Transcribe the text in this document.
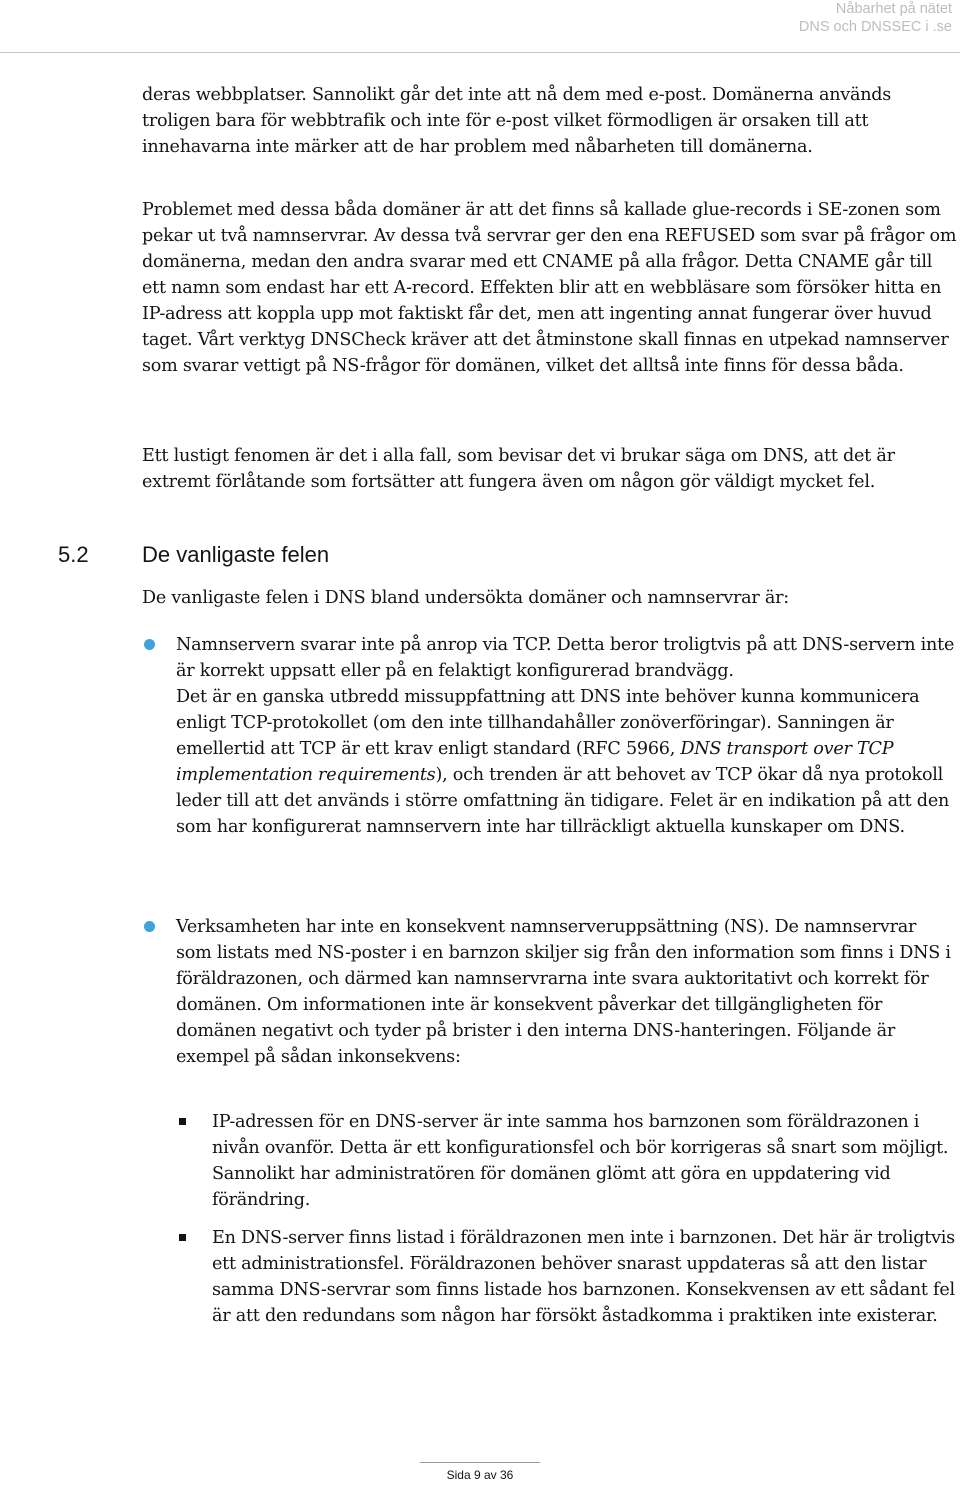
Nåbarhet på nätet
DNS och DNSSEC i .se

deras webbplatser. Sannolikt går det inte att nå dem med e-post. Domänerna används troligen bara för webbtrafik och inte för e-post vilket förmodligen är orsaken till att innehavarna inte märker att de har problem med nåbarheten till domänerna.

Problemet med dessa båda domäner är att det finns så kallade glue-records i SE-zonen som pekar ut två namnservrar. Av dessa två servrar ger den ena REFUSED som svar på frågor om domänerna, medan den andra svarar med ett CNAME på alla frågor. Detta CNAME går till ett namn som endast har ett A-record. Effekten blir att en webbläsare som försöker hitta en IP-adress att koppla upp mot faktiskt får det, men att ingenting annat fungerar över huvud taget. Vårt verktyg DNSCheck kräver att det åtminstone skall finnas en utpekad namnserver som svarar vettigt på NS-frågor för domänen, vilket det alltså inte finns för dessa båda.

Ett lustigt fenomen är det i alla fall, som bevisar det vi brukar säga om DNS, att det är extremt förlåtande som fortsätter att fungera även om någon gör väldigt mycket fel.

5.2 De vanligaste felen

De vanligaste felen i DNS bland undersökta domäner och namnservrar är:

Namnservern svarar inte på anrop via TCP. Detta beror troligtvis på att DNS-servern inte är korrekt uppsatt eller på en felaktigt konfigurerad brandvägg.
Det är en ganska utbredd missuppfattning att DNS inte behöver kunna kommunicera enligt TCP-protokollet (om den inte tillhandahåller zonöverföringar). Sanningen är emellertid att TCP är ett krav enligt standard (RFC 5966, DNS transport over TCP implementation requirements), och trenden är att behovet av TCP ökar då nya protokoll leder till att det används i större omfattning än tidigare. Felet är en indikation på att den som har konfigurerat namnservern inte har tillräckligt aktuella kunskaper om DNS.

Verksamheten har inte en konsekvent namnserveruppsättning (NS). De namnservrar som listats med NS-poster i en barnzon skiljer sig från den information som finns i DNS i föräldrazonen, och därmed kan namnservrarna inte svara auktoritativt och korrekt för domänen. Om informationen inte är konsekvent påverkar det tillgängligheten för domänen negativt och tyder på brister i den interna DNS-hanteringen. Följande är exempel på sådan inkonsekvens:

IP-adressen för en DNS-server är inte samma hos barnzonen som föräldrazonen i nivån ovanför. Detta är ett konfigurationsfel och bör korrigeras så snart som möjligt. Sannolikt har administratören för domänen glömt att göra en uppdatering vid förändring.

En DNS-server finns listad i föräldrazonen men inte i barnzonen. Det här är troligtvis ett administrationsfel. Föräldrazonen behöver snarast uppdateras så att den listar samma DNS-servrar som finns listade hos barnzonen. Konsekvensen av ett sådant fel är att den redundans som någon har försökt åstadkomma i praktiken inte existerar.

Sida 9 av 36
